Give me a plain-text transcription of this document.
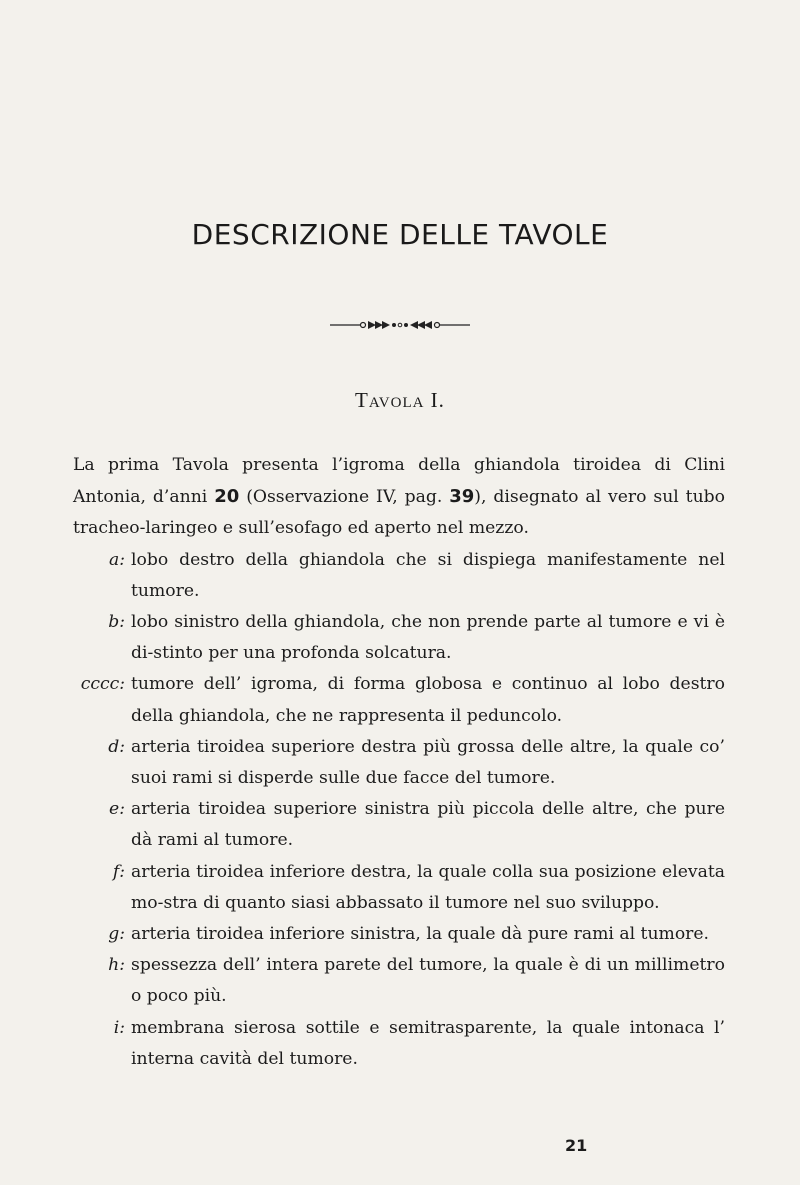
DESCRIZIONE DELLE TAVOLE
Tavola I.

La prima Tavola presenta l’igroma della ghiandola tiroidea di Clini Antonia, d’anni 20 (Osservazione IV, pag. 39), disegnato al vero sul tubo tracheo-laringeo e sull’esofago ed aperto nel mezzo.

a: lobo destro della ghiandola che si dispiega manifestamente nel tumore.
b: lobo sinistro della ghiandola, che non prende parte al tumore e vi è di-stinto per una profonda solcatura.
cccc: tumore dell’ igroma, di forma globosa e continuo al lobo destro della ghiandola, che ne rappresenta il peduncolo.
d: arteria tiroidea superiore destra più grossa delle altre, la quale co’ suoi rami si disperde sulle due facce del tumore.
e: arteria tiroidea superiore sinistra più piccola delle altre, che pure dà rami al tumore.
f: arteria tiroidea inferiore destra, la quale colla sua posizione elevata mo-stra di quanto siasi abbassato il tumore nel suo sviluppo.
g: arteria tiroidea inferiore sinistra, la quale dà pure rami al tumore.
h: spessezza dell’ intera parete del tumore, la quale è di un millimetro o poco più.
i: membrana sierosa sottile e semitrasparente, la quale intonaca l’ interna cavità del tumore.
21
